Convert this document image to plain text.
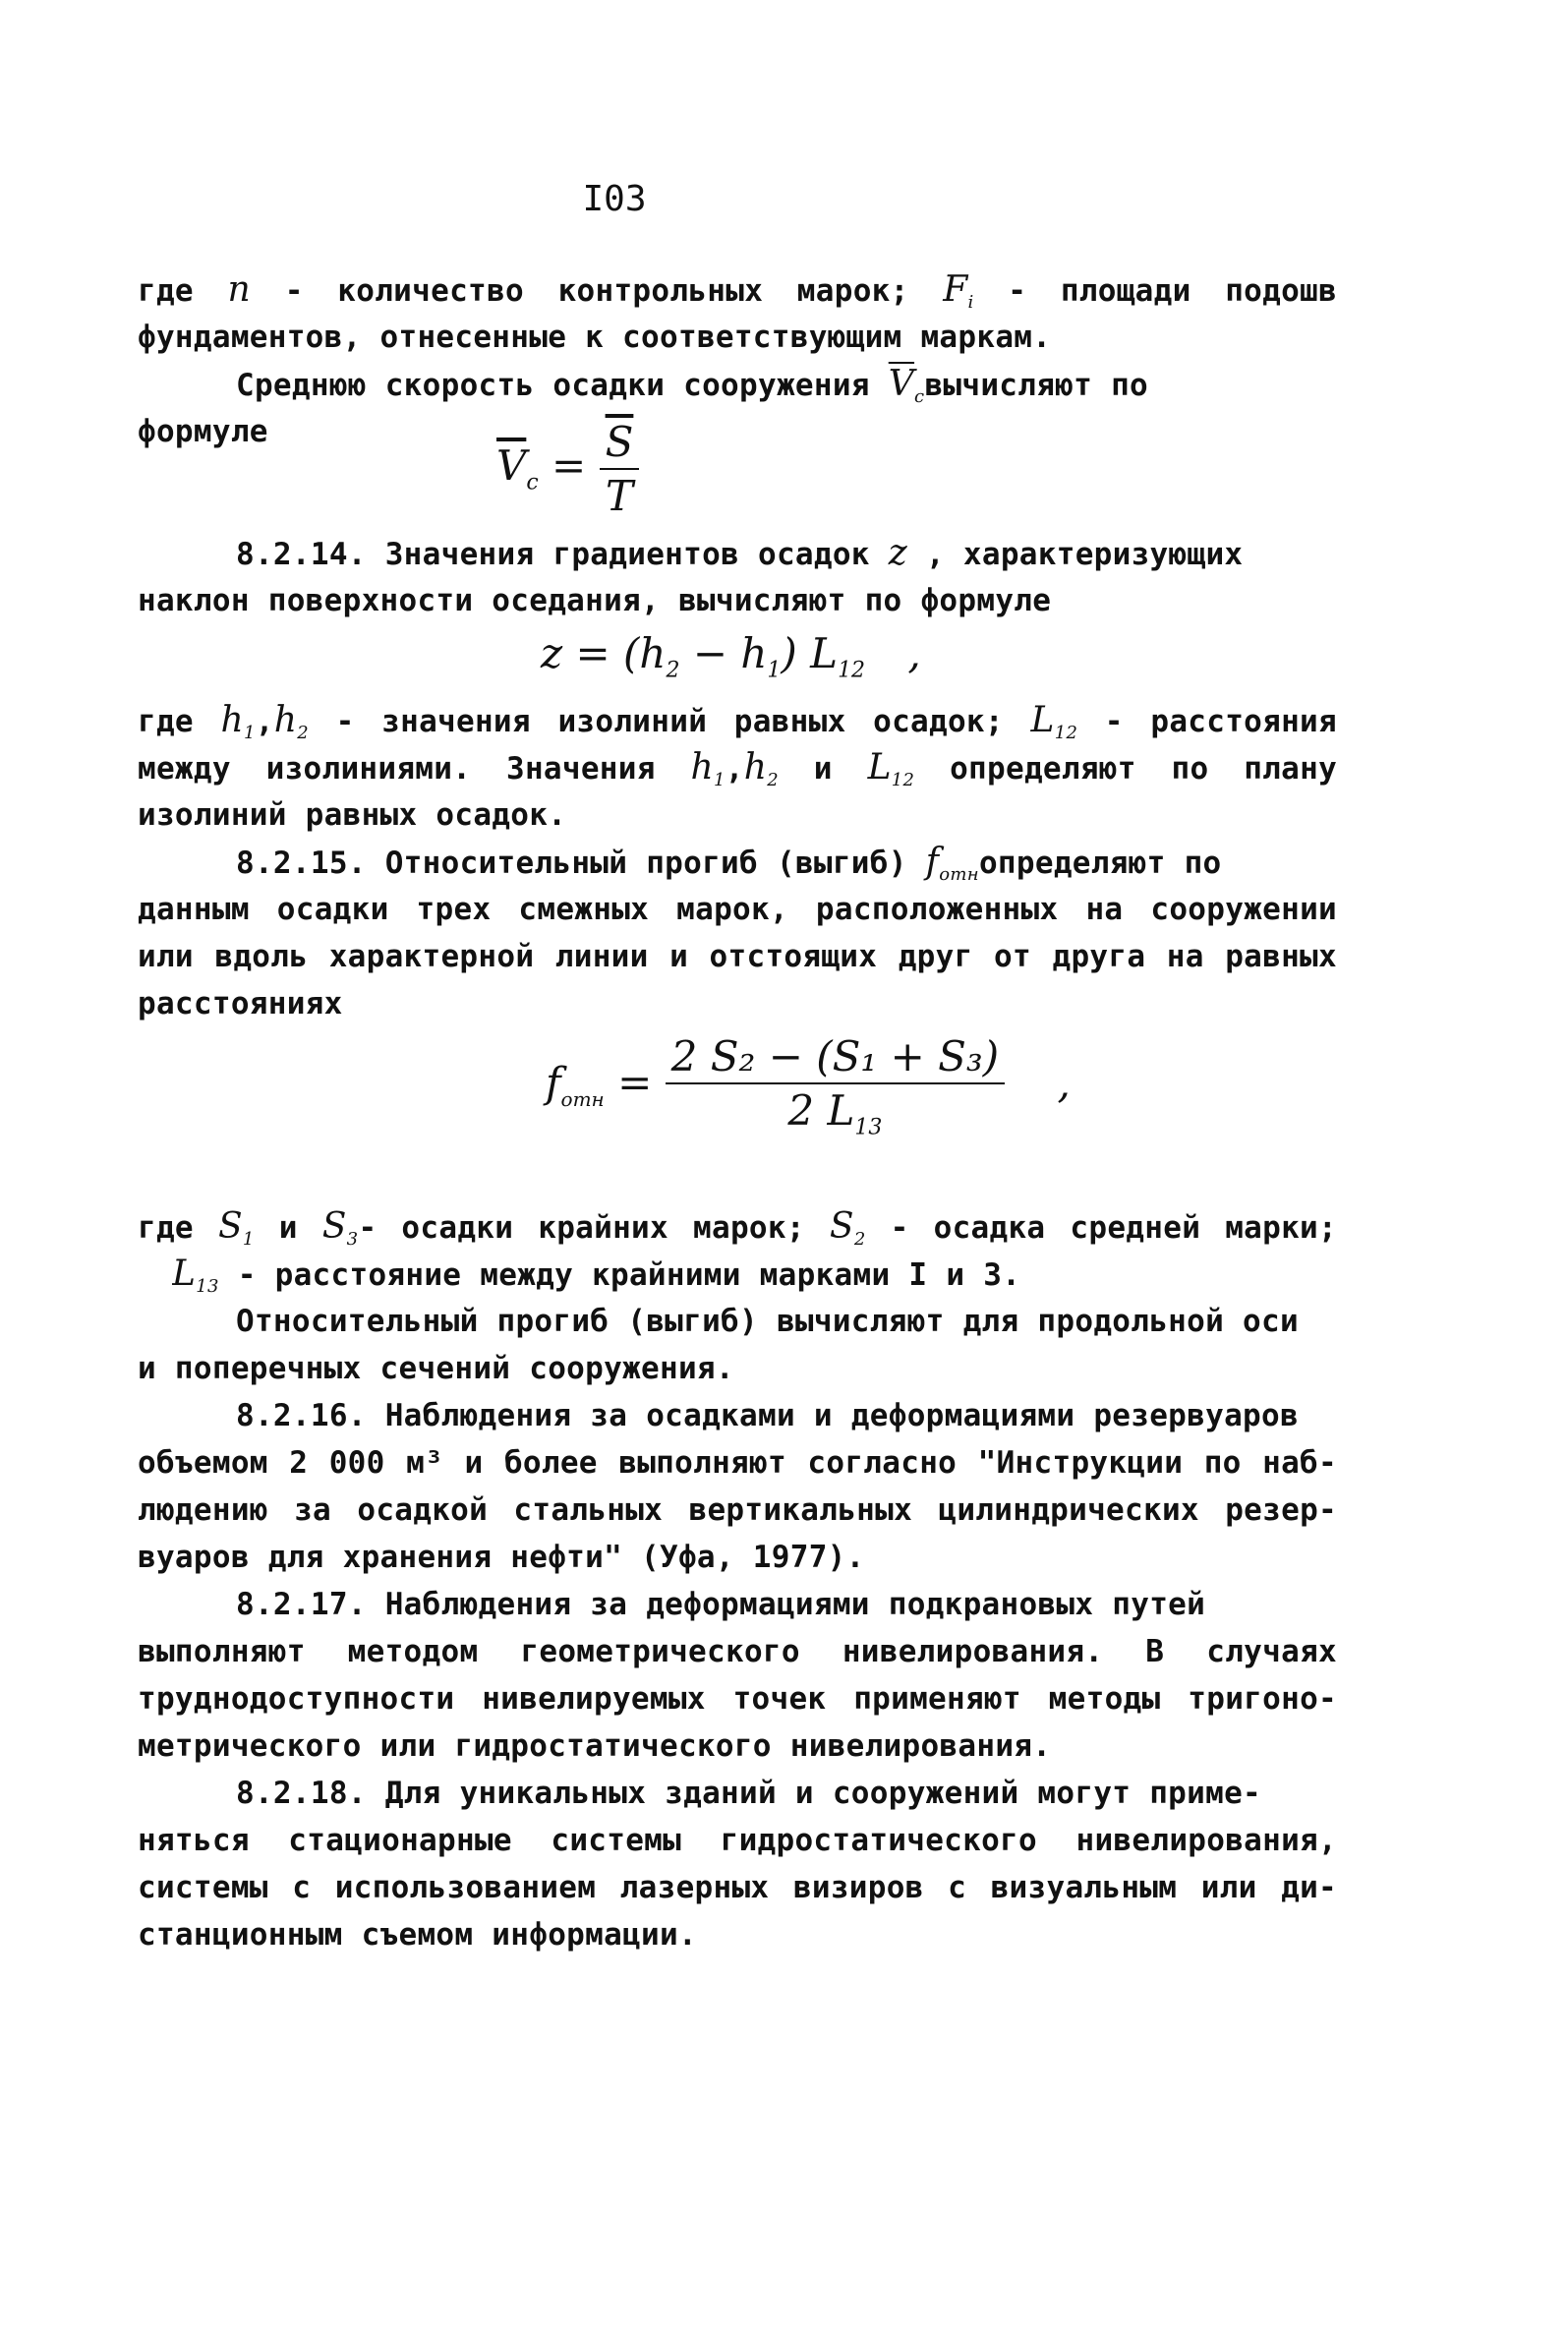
I03
где n - количество контрольных марок; $F_i$ - площади подошв
фундаментов, отнесенные к соответствующим маркам.
Среднюю скорость осадки сооружения $\overline{V}_cвычисляют$ по
формуле
$\overline{V}_c = \frac{\overline{S}}{T}$
8.2.14. Значения градиентов осадок z , характеризующих
наклон поверхности оседания, вычисляют по формуле
$z = (h_2 - h_1)$ $L_{12}$ ,
где $h_1,h_2$ - значения изолиний равных осадок; $L_{12}$ - расстояния
между изолиниями. Значения $h_1,h_2$ и $L_{12}$ определяют по плану
изолиний равных осадок.
8.2.15. Относительный прогиб (выгиб) $f_{отн}определяют$ по
данным осадки трех смежных марок, расположенных на сооружении
или вдоль характерной линии и отстоящих друг от друга на равных
расстояниях
$f_{отн} = \frac{\text{2 S₂ − (S₁ + S₃)}}{2 L_{13}}$ ,
где $S_1$ и $S_3-$ осадки крайних марок; $S_2$ - осадка средней марки;
$L_{13}$ - расстояние между крайними марками I и 3.
Относительный прогиб (выгиб) вычисляют для продольной оси
и поперечных сечений сооружения.
8.2.16. Наблюдения за осадками и деформациями резервуаров
объемом 2 000 м³ и более выполняют согласно "Инструкции по наб-
людению за осадкой стальных вертикальных цилиндрических резер-
вуаров для хранения нефти" (Уфа, 1977).
8.2.17. Наблюдения за деформациями подкрановых путей
выполняют методом геометрического нивелирования. В случаях
труднодоступности нивелируемых точек применяют методы тригоно-
метрического или гидростатического нивелирования.
8.2.18. Для уникальных зданий и сооружений могут приме-
няться стационарные системы гидростатического нивелирования,
системы с использованием лазерных визиров с визуальным или ди-
станционным съемом информации.
